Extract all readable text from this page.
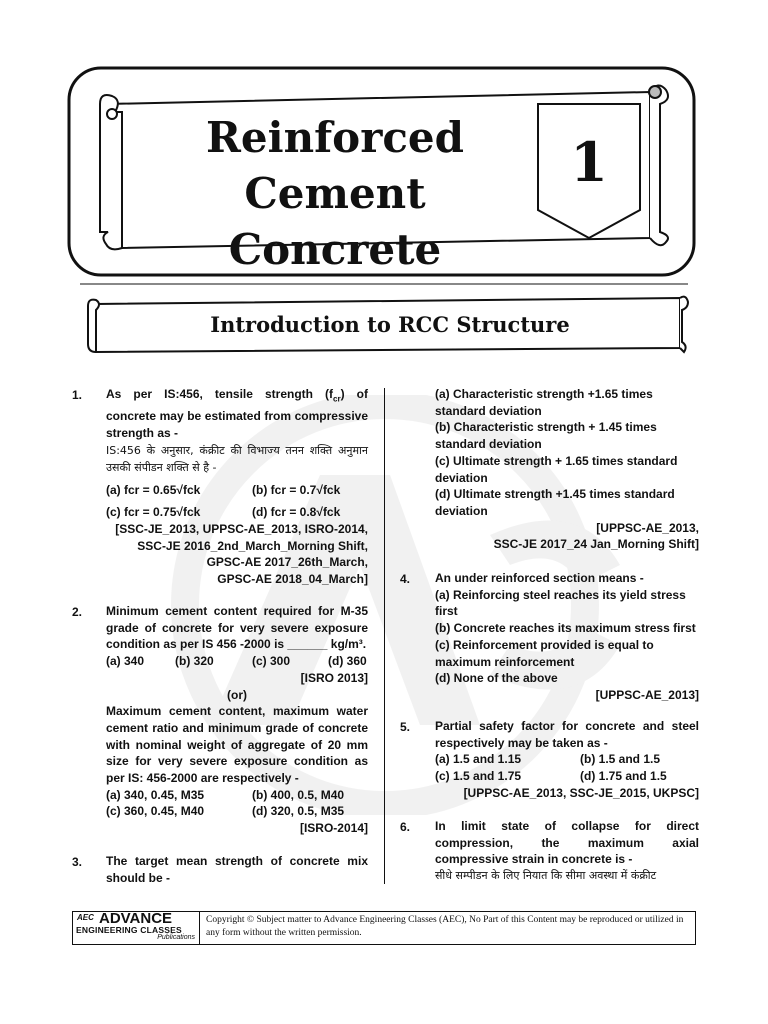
Reinforced
Cement Concrete
1
Introduction to RCC Structure
1. As per IS:456, tensile strength $(f_{cr})$ of concrete may be estimated from compressive strength as -

IS:456 के अनुसार, कंक्रीट की विभाज्य तनन शक्ति अनुमान उसकी संपीडन शक्ति से है -

(a) fcr = 0.65√fck	(b) fcr = 0.7√fck
(c) fcr = 0.75√fck	(d) fcr = 0.8√fck

[SSC-JE_2013, UPPSC-AE_2013, ISRO-2014,

SSC-JE 2016_2nd_March_Morning Shift,

GPSC-AE 2017_26th_March,

GPSC-AE 2018_04_March]

2. Minimum cement content required for M-35 grade of concrete for very severe exposure condition as per IS 456 -2000 is ______ kg/m³.

(a) 340	(b) 320	(c) 300	(d) 360

[ISRO 2013]

(or)

Maximum cement content, maximum water cement ratio and minimum grade of concrete with nominal weight of aggregate of 20 mm size for very severe exposure condition as per IS: 456-2000 are respectively -

(a) 340, 0.45, M35	(b) 400, 0.5, M40
(c) 360, 0.45, M40	(d) 320, 0.5, M35

[ISRO-2014]

3. The target mean strength of concrete mix should be -

(a) Characteristic strength +1.65 times standard deviation

(b) Characteristic strength + 1.45 times standard deviation

(c) Ultimate strength + 1.65 times standard deviation

(d) Ultimate strength +1.45 times standard deviation

[UPPSC-AE_2013,

SSC-JE 2017_24 Jan_Morning Shift]

4. An under reinforced section means -

(a) Reinforcing steel reaches its yield stress first

(b) Concrete reaches its maximum stress first

(c) Reinforcement provided is equal to maximum reinforcement

(d) None of the above

[UPPSC-AE_2013]

5. Partial safety factor for concrete and steel respectively may be taken as -

(a) 1.5 and 1.15	(b) 1.5 and 1.5
(c) 1.5 and 1.75	(d) 1.75 and 1.5

[UPPSC-AE_2013, SSC-JE_2015, UKPSC]

6. In limit state of collapse for direct compression, the maximum axial compressive strain in concrete is -

सीधे सम्पीडन के लिए नियात कि सीमा अवस्था में कंक्रीट

AEC ADVANCE
ENGINEERING CLASSES
Publications
Copyright © Subject matter to Advance Engineering Classes (AEC), No Part of this Content may be reproduced or utilized in any form without the written permission.
